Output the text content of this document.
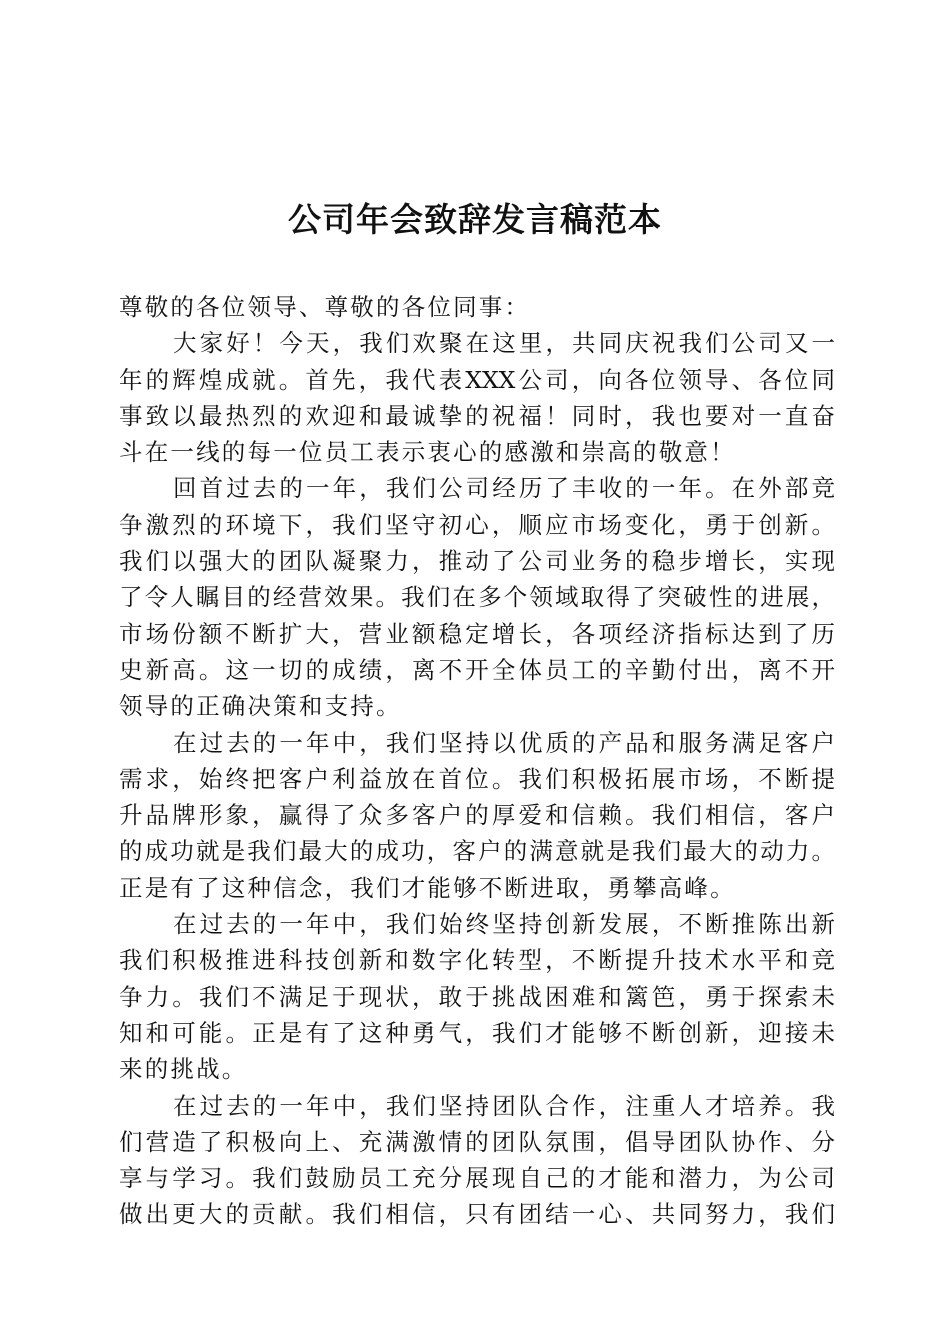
公司年会致辞发言稿范本
尊敬的各位领导、尊敬的各位同事：
大家好！今天，我们欢聚在这里，共同庆祝我们公司又一
年的辉煌成就。首先，我代表XXX公司，向各位领导、各位同
事致以最热烈的欢迎和最诚挚的祝福！同时，我也要对一直奋
斗在一线的每一位员工表示衷心的感激和崇高的敬意！
回首过去的一年，我们公司经历了丰收的一年。在外部竞
争激烈的环境下，我们坚守初心，顺应市场变化，勇于创新。
我们以强大的团队凝聚力，推动了公司业务的稳步增长，实现
了令人瞩目的经营效果。我们在多个领域取得了突破性的进展，
市场份额不断扩大，营业额稳定增长，各项经济指标达到了历
史新高。这一切的成绩，离不开全体员工的辛勤付出，离不开
领导的正确决策和支持。
在过去的一年中，我们坚持以优质的产品和服务满足客户
需求，始终把客户利益放在首位。我们积极拓展市场，不断提
升品牌形象，赢得了众多客户的厚爱和信赖。我们相信，客户
的成功就是我们最大的成功，客户的满意就是我们最大的动力。
正是有了这种信念，我们才能够不断进取，勇攀高峰。
在过去的一年中，我们始终坚持创新发展，不断推陈出新
我们积极推进科技创新和数字化转型，不断提升技术水平和竞
争力。我们不满足于现状，敢于挑战困难和篱笆，勇于探索未
知和可能。正是有了这种勇气，我们才能够不断创新，迎接未
来的挑战。
在过去的一年中，我们坚持团队合作，注重人才培养。我
们营造了积极向上、充满激情的团队氛围，倡导团队协作、分
享与学习。我们鼓励员工充分展现自己的才能和潜力，为公司
做出更大的贡献。我们相信，只有团结一心、共同努力，我们
